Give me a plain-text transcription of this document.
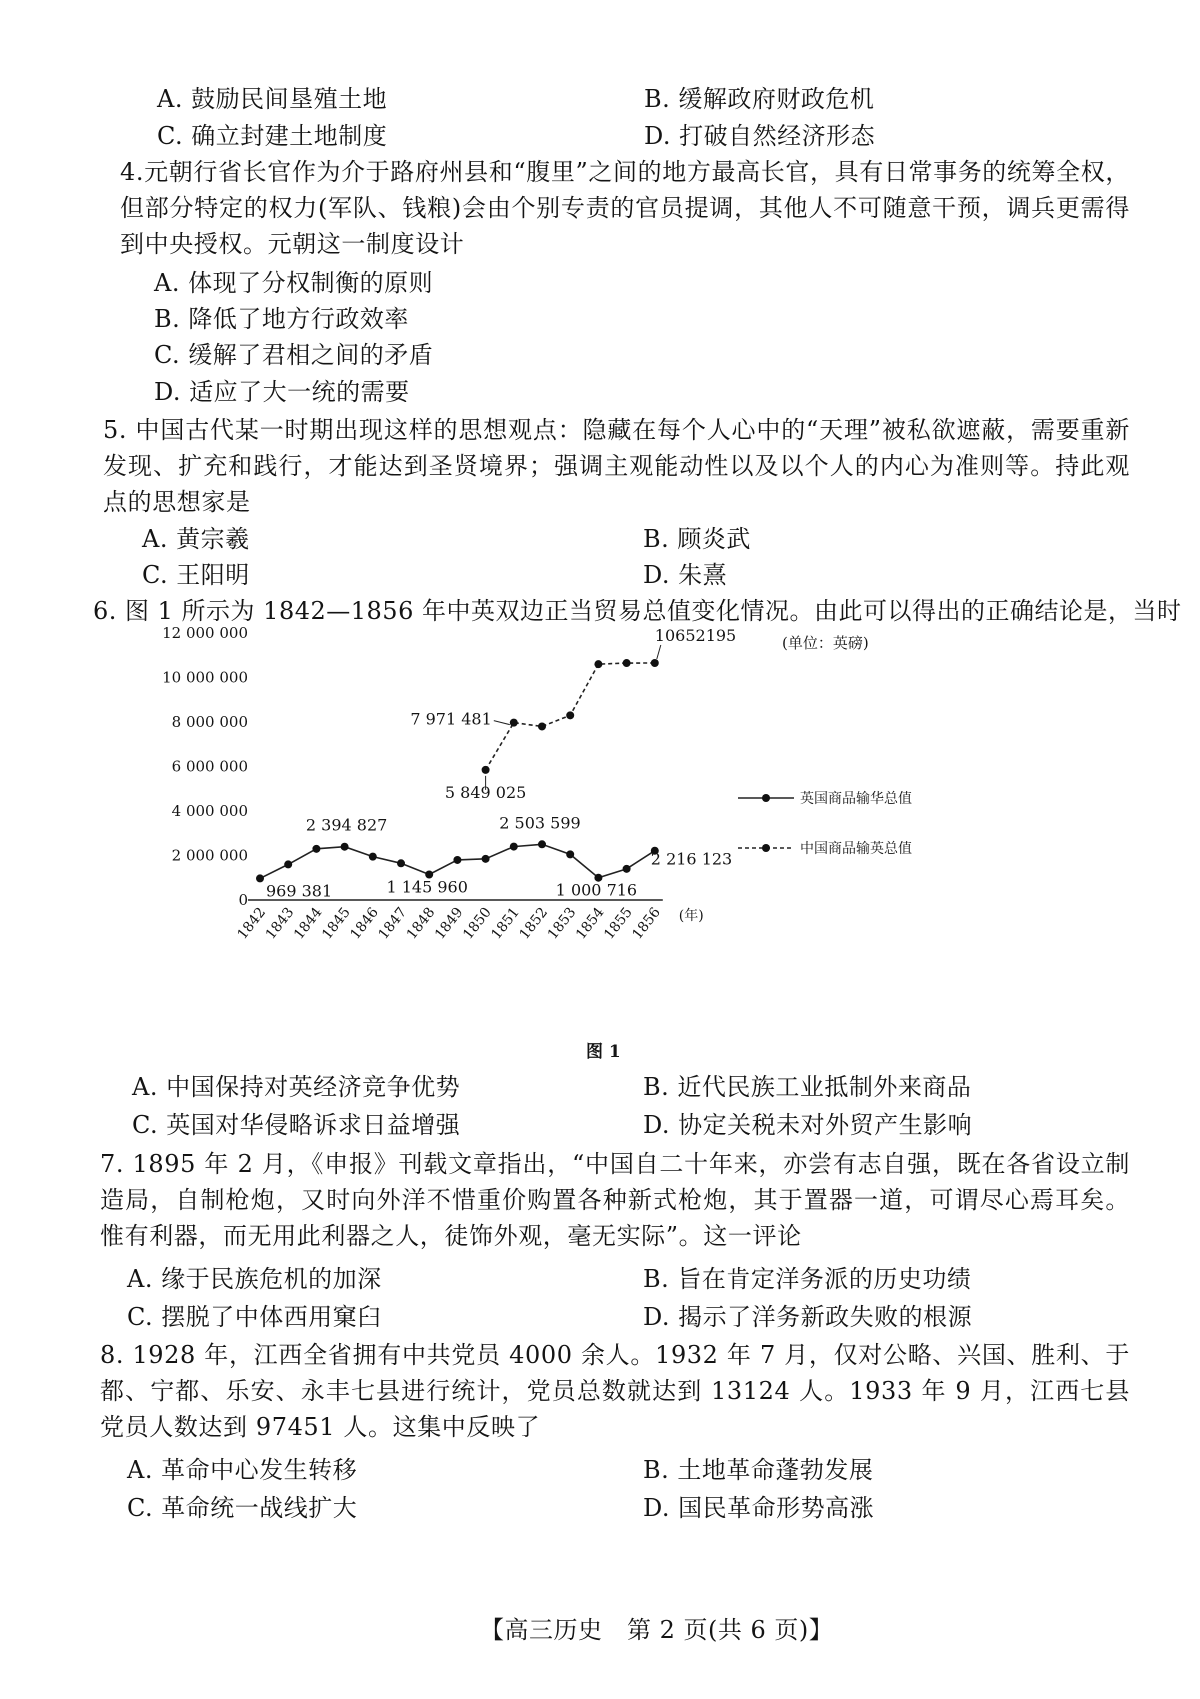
A. 鼓励民间垦殖土地	B. 缓解政府财政危机
C. 确立封建土地制度	D. 打破自然经济形态
4.元朝行省长官作为介于路府州县和“腹里”之间的地方最高长官，具有日常事务的统筹全权，但部分特定的权力(军队、钱粮)会由个别专责的官员提调，其他人不可随意干预，调兵更需得到中央授权。元朝这一制度设计
A. 体现了分权制衡的原则
B. 降低了地方行政效率
C. 缓解了君相之间的矛盾
D. 适应了大一统的需要
5. 中国古代某一时期出现这样的思想观点：隐藏在每个人心中的“天理”被私欲遮蔽，需要重新发现、扩充和践行，才能达到圣贤境界；强调主观能动性以及以个人的内心为准则等。持此观点的思想家是
A. 黄宗羲	B. 顾炎武
C. 王阳明	D. 朱熹
6. 图 1 所示为 1842—1856 年中英双边正当贸易总值变化情况。由此可以得出的正确结论是，当时
(单位：英磅)
0
2 000 000
4 000 000
6 000 000
8 000 000
10 000 000
12 000 000
1842
1843
1844
1845
1846
1847
1848
1849
1850
1851
1852
1853
1854
1855
1856 (年)
969 381
2 394 827
1 145 960
2 503 599
1 000 716
2 216 123
5 849 025
7 971 481
10652195
英国商品输华总值
中国商品输英总值
图 1
A. 中国保持对英经济竞争优势	B. 近代民族工业抵制外来商品
C. 英国对华侵略诉求日益增强	D. 协定关税未对外贸产生影响
7. 1895 年 2 月，《申报》刊载文章指出，“中国自二十年来，亦尝有志自强，既在各省设立制造局，自制枪炮，又时向外洋不惜重价购置各种新式枪炮，其于置器一道，可谓尽心焉耳矣。惟有利器，而无用此利器之人，徒饰外观，毫无实际”。这一评论
A. 缘于民族危机的加深	B. 旨在肯定洋务派的历史功绩
C. 摆脱了中体西用窠臼	D. 揭示了洋务新政失败的根源
8. 1928 年，江西全省拥有中共党员 4000 余人。1932 年 7 月，仅对公略、兴国、胜利、于都、宁都、乐安、永丰七县进行统计，党员总数就达到 13124 人。1933 年 9 月，江西七县党员人数达到 97451 人。这集中反映了
A. 革命中心发生转移	B. 土地革命蓬勃发展
C. 革命统一战线扩大	D. 国民革命形势高涨
【高三历史　第 2 页(共 6 页)】
